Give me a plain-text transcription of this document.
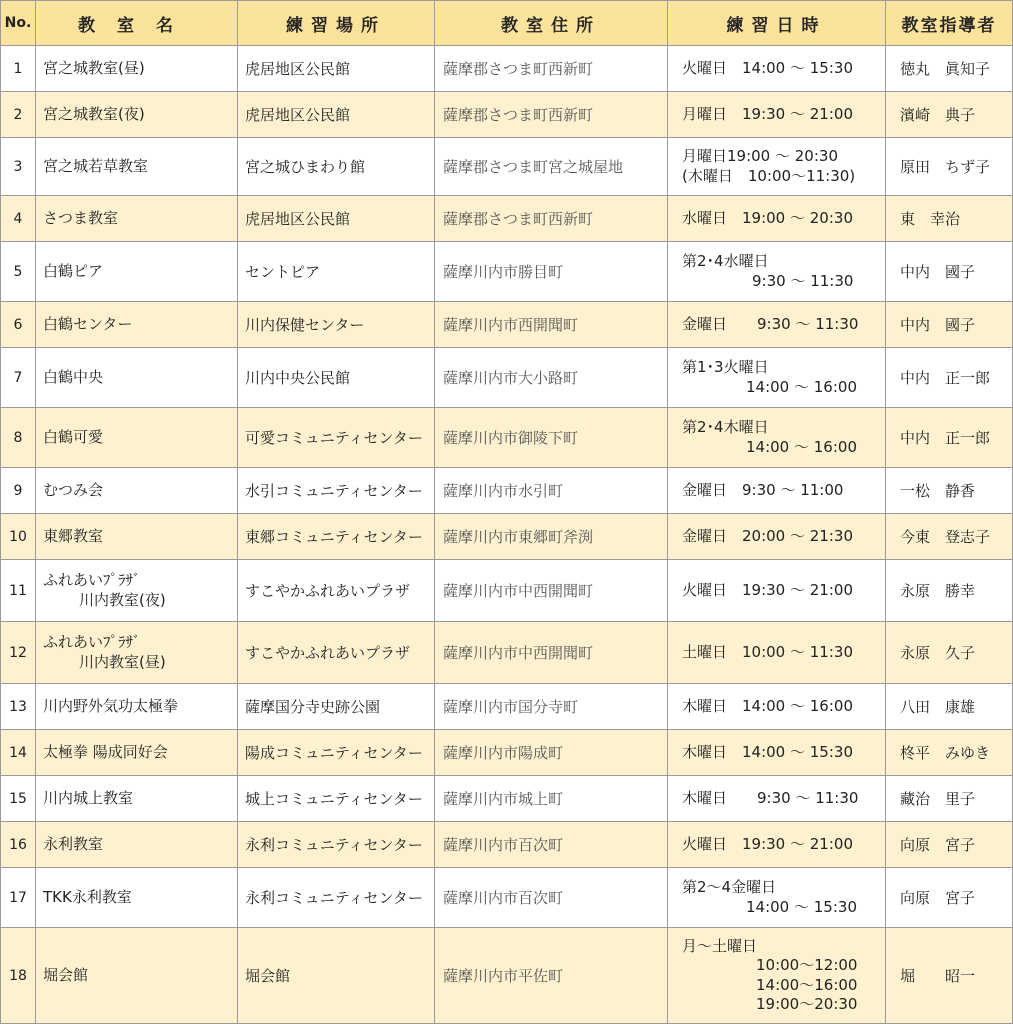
No.	教室名	練習場所	教室住所	練習日時	教室指導者
1	宮之城教室(昼)	虎居地区公民館	薩摩郡さつま町西新町	火曜日　14:00 ～ 15:30	徳丸　眞知子
2	宮之城教室(夜)	虎居地区公民館	薩摩郡さつま町西新町	月曜日　19:30 ～ 21:00	濱崎　典子
3	宮之城若草教室	宮之城ひまわり館	薩摩郡さつま町宮之城屋地	月曜日19:00 ～ 20:30
(木曜日　10:00～11:30)	原田　ちず子
4	さつま教室	虎居地区公民館	薩摩郡さつま町西新町	水曜日　19:00 ～ 20:30	東　幸治
5	白鶴ピア	セントピア	薩摩川内市勝目町	第2･4水曜日
9:30 ～ 11:30	中内　國子
6	白鶴センター	川内保健センター	薩摩川内市西開聞町	金曜日　　9:30 ～ 11:30	中内　國子
7	白鶴中央	川内中央公民館	薩摩川内市大小路町	第1･3火曜日
14:00 ～ 16:00	中内　正一郎
8	白鶴可愛	可愛コミュニティセンター	薩摩川内市御陵下町	第2･4木曜日
14:00 ～ 16:00	中内　正一郎
9	むつみ会	水引コミュニティセンター	薩摩川内市水引町	金曜日　9:30 ～ 11:00	一松　静香
10	東郷教室	東郷コミュニティセンター	薩摩川内市東郷町斧渕	金曜日　20:00 ～ 21:30	今東　登志子
11	ふれあいﾌﾟﾗｻﾞ
川内教室(夜)	すこやかふれあいプラザ	薩摩川内市中西開聞町	火曜日　19:30 ～ 21:00	永原　勝幸
12	ふれあいﾌﾟﾗｻﾞ
川内教室(昼)	すこやかふれあいプラザ	薩摩川内市中西開聞町	土曜日　10:00 ～ 11:30	永原　久子
13	川内野外気功太極拳	薩摩国分寺史跡公園	薩摩川内市国分寺町	木曜日　14:00 ～ 16:00	八田　康雄
14	太極拳 陽成同好会	陽成コミュニティセンター	薩摩川内市陽成町	木曜日　14:00 ～ 15:30	柊平　みゆき
15	川内城上教室	城上コミュニティセンター	薩摩川内市城上町	木曜日　　9:30 ～ 11:30	藏治　里子
16	永利教室	永利コミュニティセンター	薩摩川内市百次町	火曜日　19:30 ～ 21:00	向原　宮子
17	TKK永利教室	永利コミュニティセンター	薩摩川内市百次町	第2～4金曜日
14:00 ～ 15:30	向原　宮子
18	堀会館	堀会館	薩摩川内市平佐町	月～土曜日
10:00～12:00
14:00～16:00
19:00～20:30	堀　　昭一
